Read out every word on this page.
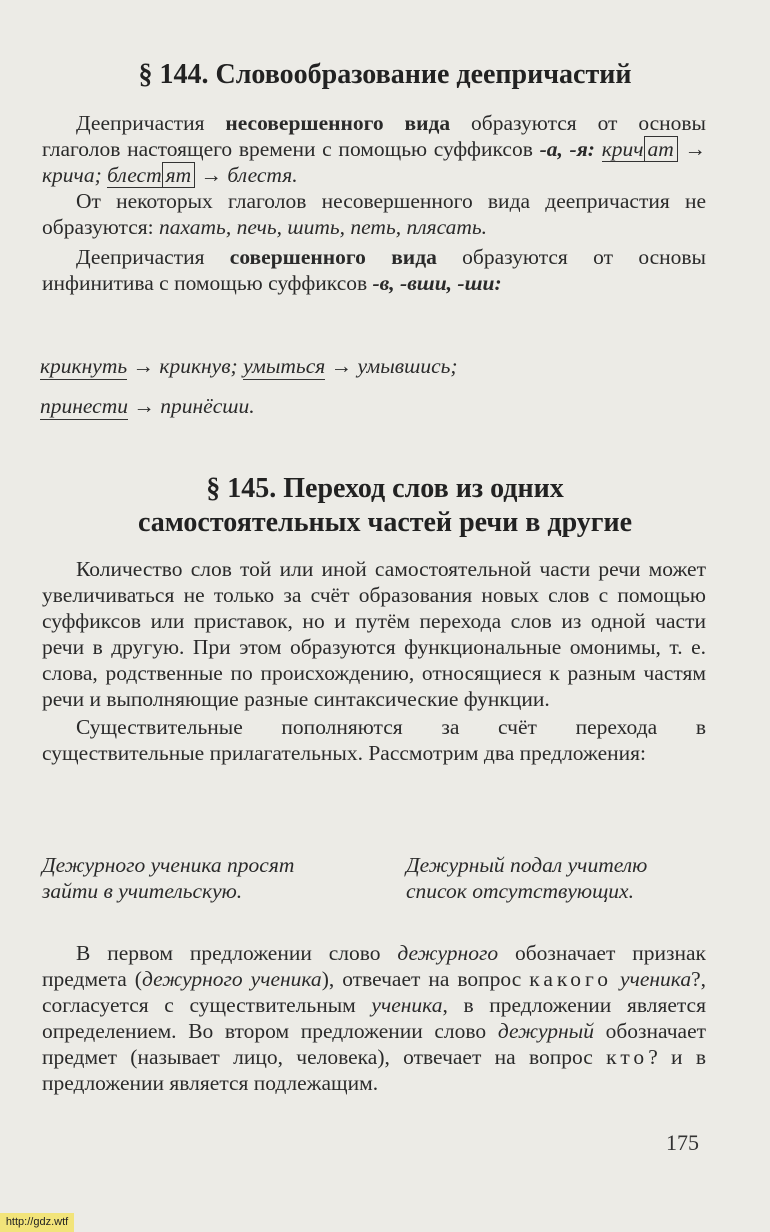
§ 144. Словообразование деепричастий

Деепричастия несовершенного вида образуются от основы глаголов настоящего времени с помощью суффиксов -а, -я: крич ат → крича; блест ят → блестя.

От некоторых глаголов несовершенного вида деепричастия не образуются: пахать, печь, шить, петь, плясать.

Деепричастия совершенного вида образуются от основы инфинитива с помощью суффиксов -в, -вши, -ши:

крикнуть → крикнув; умыться → умывшись;
принести → принёсши.
§ 145. Переход слов из одних
самостоятельных частей речи в другие

Количество слов той или иной самостоятельной части речи может увеличиваться не только за счёт образования новых слов с помощью суффиксов или приставок, но и путём перехода слов из одной части речи в другую. При этом образуются функциональные омонимы, т. е. слова, родственные по происхождению, относящиеся к разным частям речи и выполняющие разные синтаксические функции.

Существительные пополняются за счёт перехода в существительные прилагательных. Рассмотрим два предложения:

Дежурного ученика просят зайти в учительскую.
Дежурный подал учителю список отсутствующих.

В первом предложении слово дежурного обозначает признак предмета (дежурного ученика), отвечает на вопрос какого ученика?, согласуется с существительным ученика, в предложении является определением. Во втором предложении слово дежурный обозначает предмет (называет лицо, человека), отвечает на вопрос кто? и в предложении является подлежащим.

175
http://gdz.wtf
